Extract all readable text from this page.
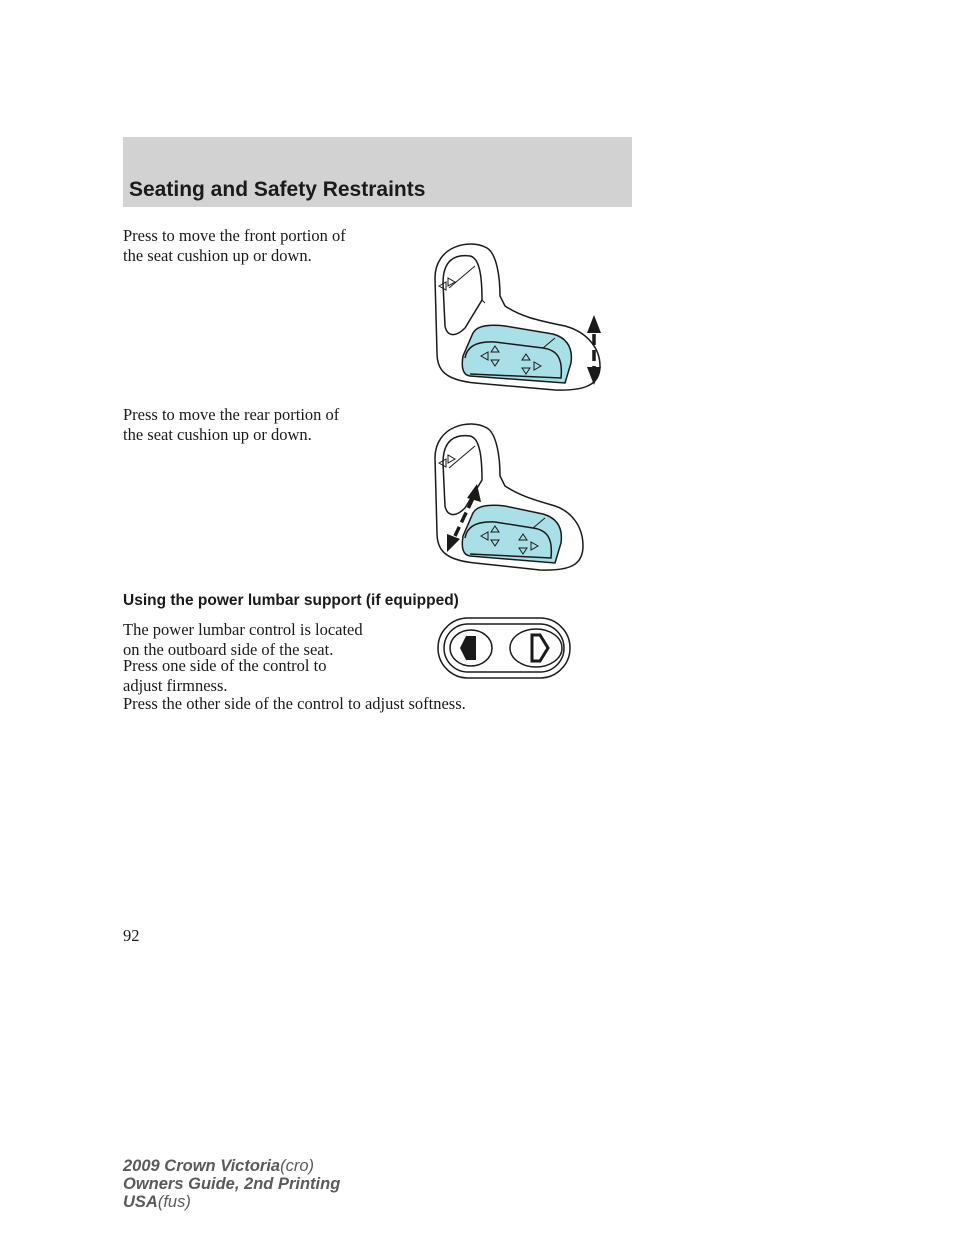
Seating and Safety Restraints
Press to move the front portion of
the seat cushion up or down.
Press to move the rear portion of
the seat cushion up or down.
Using the power lumbar support (if equipped)
The power lumbar control is located
on the outboard side of the seat.
Press one side of the control to
adjust firmness.
Press the other side of the control to adjust softness.
92
2009 Crown Victoria(cro)
Owners Guide, 2nd Printing
USA(fus)
